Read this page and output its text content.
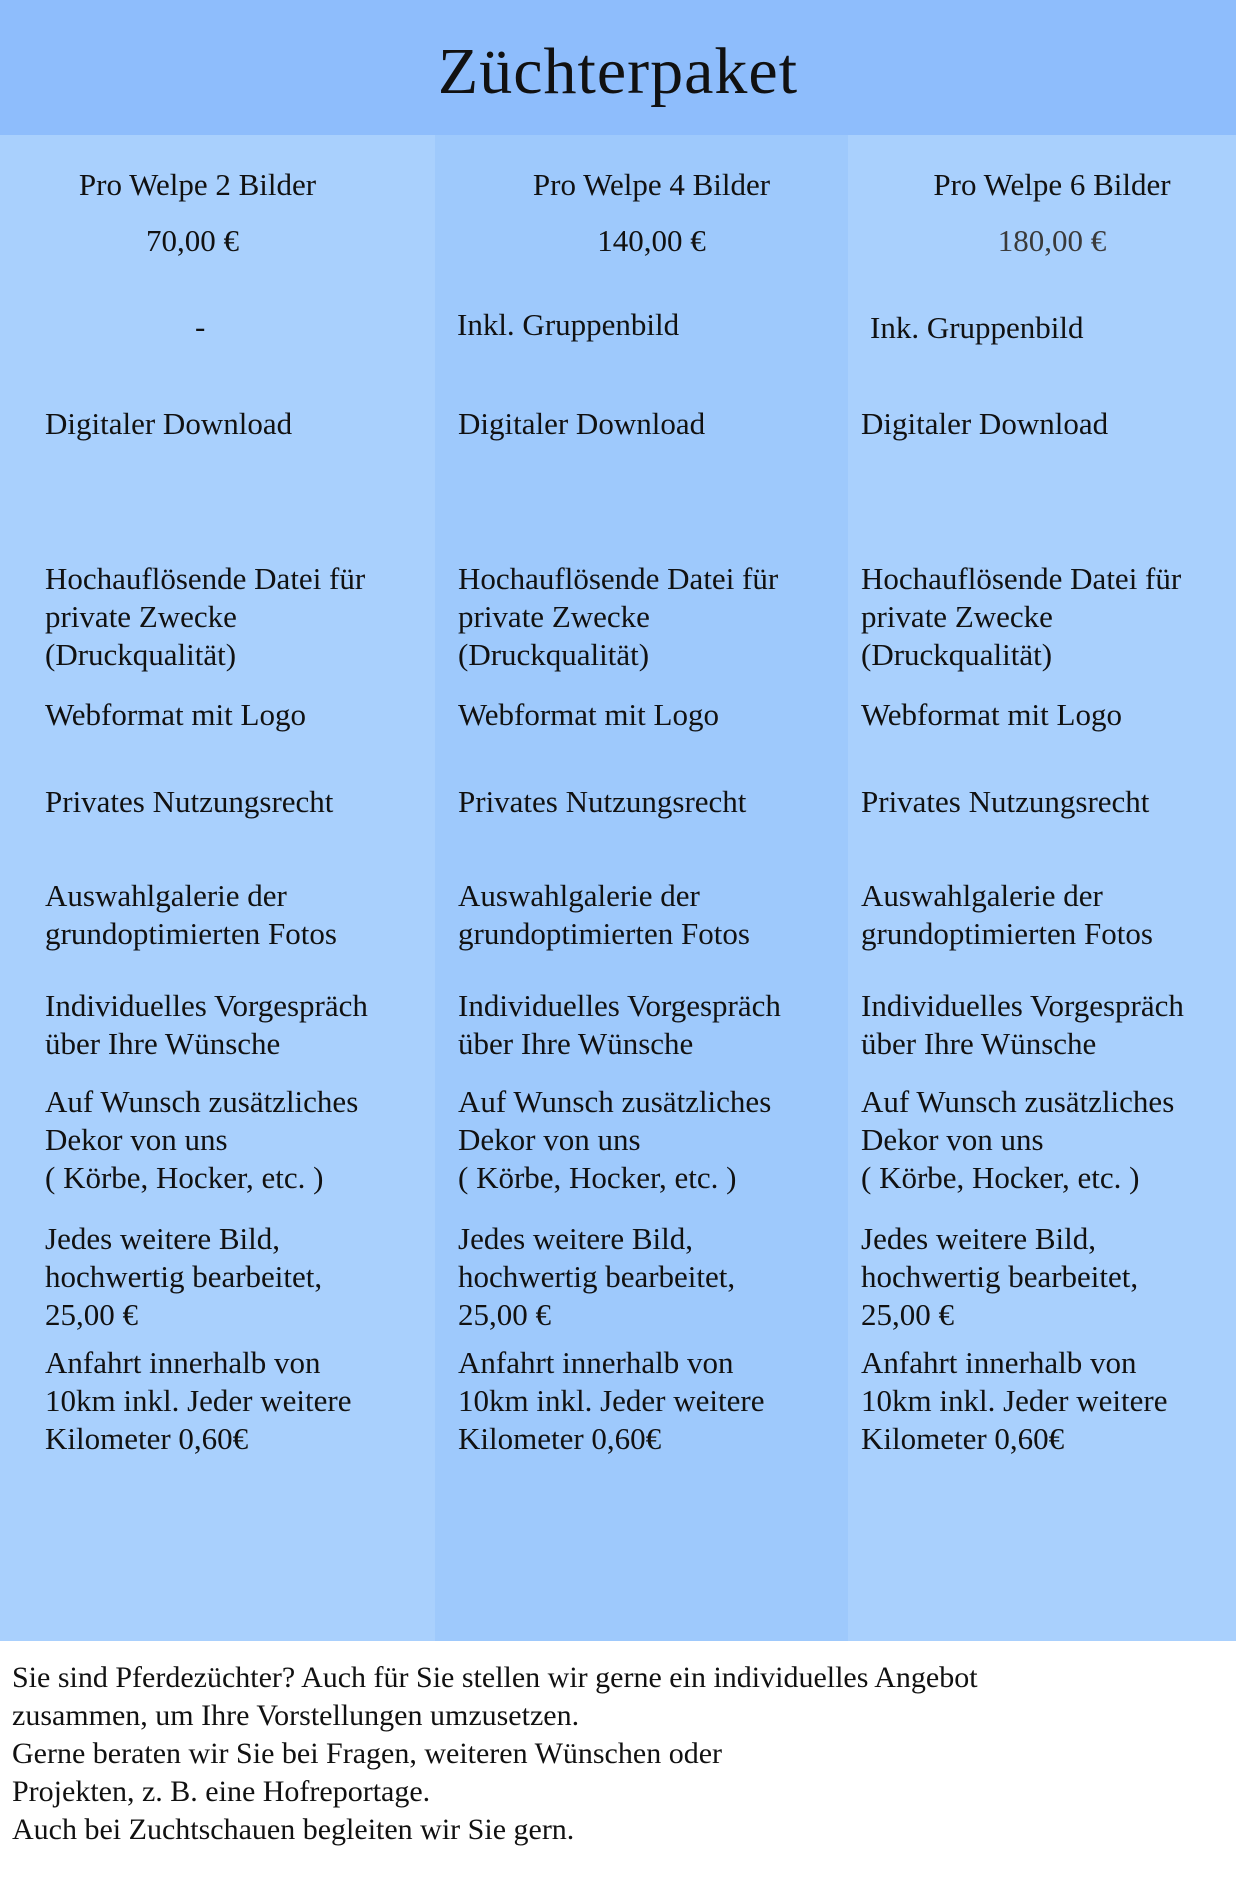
Züchterpaket
Pro Welpe 2 Bilder
70,00 €
-
Digitaler Download
Hochauflösende Datei für
private Zwecke
(Druckqualität)
Webformat mit Logo
Privates Nutzungsrecht
Auswahlgalerie der
grundoptimierten Fotos
Individuelles Vorgespräch
über Ihre Wünsche
Auf Wunsch zusätzliches
Dekor von uns
( Körbe, Hocker, etc. )
Jedes weitere Bild,
hochwertig bearbeitet,
25,00 €
Anfahrt innerhalb von
10km inkl. Jeder weitere
Kilometer 0,60€
Pro Welpe 4 Bilder
140,00 €
Inkl. Gruppenbild
Digitaler Download
Hochauflösende Datei für
private Zwecke
(Druckqualität)
Webformat mit Logo
Privates Nutzungsrecht
Auswahlgalerie der
grundoptimierten Fotos
Individuelles Vorgespräch
über Ihre Wünsche
Auf Wunsch zusätzliches
Dekor von uns
( Körbe, Hocker, etc. )
Jedes weitere Bild,
hochwertig bearbeitet,
25,00 €
Anfahrt innerhalb von
10km inkl. Jeder weitere
Kilometer 0,60€
Pro Welpe 6 Bilder
180,00 €
Ink. Gruppenbild
Digitaler Download
Hochauflösende Datei für
private Zwecke
(Druckqualität)
Webformat mit Logo
Privates Nutzungsrecht
Auswahlgalerie der
grundoptimierten Fotos
Individuelles Vorgespräch
über Ihre Wünsche
Auf Wunsch zusätzliches
Dekor von uns
( Körbe, Hocker, etc. )
Jedes weitere Bild,
hochwertig bearbeitet,
25,00 €
Anfahrt innerhalb von
10km inkl. Jeder weitere
Kilometer 0,60€
Sie sind Pferdezüchter? Auch für Sie stellen wir gerne ein individuelles Angebot
zusammen, um Ihre Vorstellungen umzusetzen.
Gerne beraten wir Sie bei Fragen, weiteren Wünschen oder
Projekten, z. B. eine Hofreportage.
Auch bei Zuchtschauen begleiten wir Sie gern.
